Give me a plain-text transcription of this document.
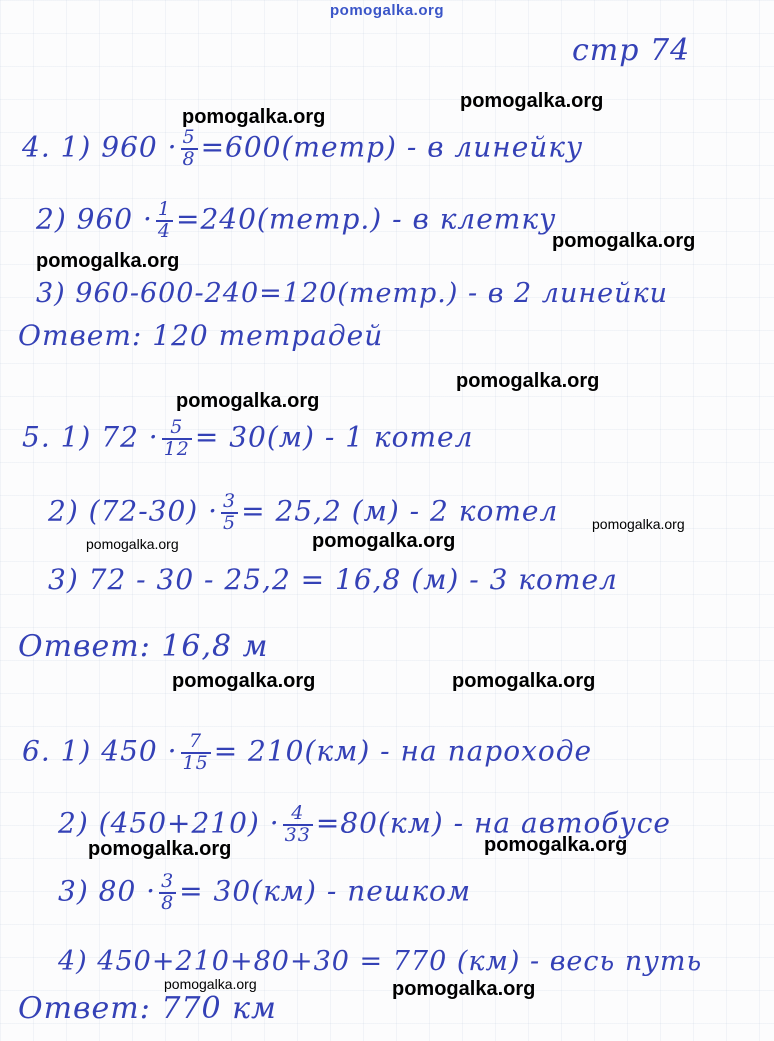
pomogalka.org
стр 74
4. 1) $960 \cdot \frac{5}{8}$ =600(тетр) - в линейку
2) $960 \cdot \frac{1}{4}$ =240(тетр.) - в клетку
3) 960-600-240=120(тетр.) - в 2 линейки
Ответ: 120 тетрадей
5. 1) $72 \cdot \frac{5}{12} = 30(м) - 1$ котел
2) $(72-30) \cdot \frac{3}{5} = 25,2$ (м) - 2 котел
3) 72 - 30 - 25,2 = 16,8 (м) - 3 котел
Ответ: 16,8 м
6. 1) $450 \cdot \frac{7}{15} = 210(км)$ - на пароходе
2) $(450+210) \cdot \frac{4}{33} =80(км)$ - на автобусе
3) $80 \cdot \frac{3}{8} = 30(км)$ - пешком
4) 450+210+80+30 = 770 (км) - весь путь
Ответ: 770 км
pomogalka.org
pomogalka.org
pomogalka.org
pomogalka.org
pomogalka.org
pomogalka.org
pomogalka.org
pomogalka.org
pomogalka.org
pomogalka.org	pomogalka.org
pomogalka.org
pomogalka.org
pomogalka.org	pomogalka.org
